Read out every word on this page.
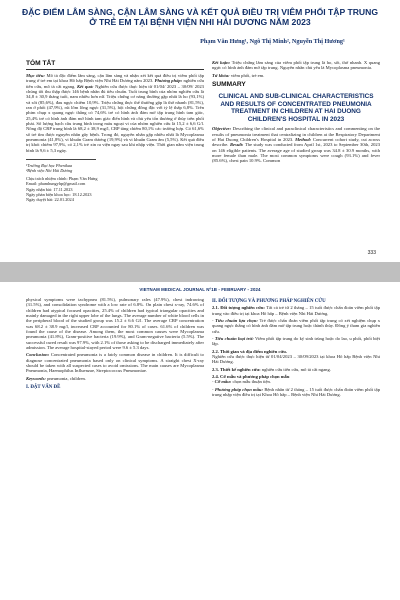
ĐẶC ĐIỂM LÂM SÀNG, CẬN LÂM SÀNG VÀ KẾT QUẢ ĐIỀU TRỊ VIÊM PHỔI TẬP TRUNG Ở TRẺ EM TẠI BỆNH VIỆN NHI HẢI DƯƠNG NĂM 2023
Phạm Văn Hưng¹, Ngô Thị Minh², Nguyễn Thị Hương¹
TÓM TẮT
Mục tiêu: Mô tả đặc điểm lâm sàng, cận lâm sàng và nhận xét kết quả điều trị viêm phổi tập trung ở trẻ em tại khoa Hô hấp Bệnh viện Nhi Hải Dương năm 2023. Phương pháp: nghiên cứu tiến cứu, mô tả cắt ngang. Kết quả: Nghiên cứu được thực hiện từ 01/04/ 2023 – 30/09/ 2023 chúng tôi thu thập được 146 bệnh nhân đủ tiêu chuẩn. Tuổi trung bình của nhóm nghiên cứu là 34,8 ± 30,9 tháng tuổi, nam nhiều hơn nữ. Triệu chứng cơ năng thường gặp nhất là ho (93,1%) và sốt (85,6%), đau ngực chiếm 10,9%. Triệu chứng thực thể thường gặp là thở nhanh (81,5%), ran ở phổi (47,9%), rút lõm lồng ngực (31,5%), hội chứng đông đặc với tỷ lệ thấp 6,8%. Trên phim chụp x quang ngực thẳng có 74,6% trẻ có hình ảnh đám mờ tập trung hình tam giác, 25,4% trẻ có hình ảnh đám mờ hình tam giác điển hình và chủ yếu tổn thương ở thùy trên phổi phải. Số lượng bạch cầu trung bình trong máu ngoại vi của nhóm nghiên cứu là 15,2 ± 6,6 G/l. Nồng độ CRP trung bình là 68,2 ± 38,9 mg/l, CRP tăng chiếm 80,1% các trường hợp. Có 61,6% số trẻ tìm được nguyên nhân gây bệnh. Trong đó, nguyên nhân gặp nhiều nhất là Mycoplasma pneumonia (41,8%), vi khuẩn Gram dương (19,9%) và vi khuẩn Gram âm (5,5%). Kết quả điều trị khỏi chiếm 97,9%, có 2,1% trẻ xin ra viện ngay sau khi nhập viện. Thời gian nằm viện trung bình là 9,6 ± 5,3 ngày.
¹Trường Đại học Phenikaa
²Bệnh viện Nhi Hải Dương
Chịu trách nhiệm chính: Phạm Văn Hưng
Email: phamhungyhp@gmail.com
Ngày nhận bài: 17.11.2023
Ngày phản biện khoa học: 18.12.2023
Ngày duyệt bài: 22.01.2024
Kết luận: Triệu chứng lâm sàng của viêm phổi tập trung là ho, sốt, thở nhanh. X quang ngực có hình ảnh đám mờ tập trung. Nguyên nhân chủ yếu là Mycoplasma pneumonia.
Từ khóa: viêm phổi, trẻ em.
SUMMARY
CLINICAL AND SUB-CLINICAL CHARACTERISTICS AND RESULTS OF CONCENTRATED PNEUMONIA TREATMENT IN CHILDREN AT HAI DUONG CHILDREN'S HOSPITAL IN 2023
Objective: Describing the clinical and paraclinical characteristics and commenting on the results of pneumonia treatment that centralizing in children at the Respiratory Department of Hai Duong Children's Hospital in 2023. Method: Concurrent cohort study, cut across describe. Result: The study was conducted from April 1st, 2023 to September 30th, 2023 on 146 eligible patients. The average age of studied group was 34.8 ± 30.9 months, with more female than male. The most common symptoms were cough (93.1%) and fever (85.6%), chest pain 10.9%. Common
333
VIETNAM MEDICAL JOURNAL Nº1B - FEBRUARY - 2024
physical symptoms were tachypnea (81.5%), pulmonary rales (47.9%), chest indrawing (31.5%), and consolidation syndrome with a low rate of 6.8%. On plain chest x-ray, 74.6% of children had atypical focused opacities, 25.4% of children had typical triangular opacities and mainly damaged in the right upper lobe of the lungs. The average number of white blood cells in the peripheral blood of the studied group was 15.2 ± 6.6 G/l. The average CRP concentration was 68.2 ± 38.9 mg/l, increased CRP accounted for 80.1% of cases. 61.6% of children was found the cause of the disease. Among them, the most common causes were Mycoplasma pneumonia (41.8%), Gram-positive bacteria (19.9%), and Gram-negative bacteria (5.5%). The successful cured result was 97.9%, with 2.1% of those asking to be discharged immediately after admission. The average hospital-stayed period were 9.6 ± 5.3 days.
Conclusion: Concentrated pneumonia is a fairly common disease in children. It is difficult to diagnose concentrated pneumonia based only on clinical symptoms. A straight chest X-ray should be taken with all suspected cases to avoid omissions. The main causes are Mycoplasma Pneumonia, Haemophilus Influenzae, Streptococcus Pneumoniae.
Keywords: pneumonia, children.
I. ĐẶT VẤN ĐỀ
II. ĐỐI TƯỢNG VÀ PHƯƠNG PHÁP NGHIÊN CỨU
2.1. Đối tượng nghiên cứu: Tất cả trẻ từ 2 tháng – 15 tuổi được chẩn đoán viêm phổi tập trung vào điều trị tại khoa Hô hấp – Bệnh viện Nhi Hải Dương.
- Tiêu chuẩn lựa chọn: Trẻ được chẩn đoán viêm phổi tập trung có xét nghiệm chụp x quang ngực thẳng có hình ảnh đám mờ tập trung hoặc thành thùy. Đồng ý tham gia nghiên cứu.
- Tiêu chuẩn loại trừ: Viêm phổi tập trung do ký sinh trùng hoặc do lao, u phổi, phổi biệt lập.
2.2. Thời gian và địa điểm nghiên cứu.
Nghiên cứu được thực hiện từ 01/04/2023 – 30/09/2023 tại khoa Hô hấp Bệnh viện Nhi Hải Dương.
2.3. Thiết kế nghiên cứu: nghiên cứu tiến cứu, mô tả cắt ngang.
2.4. Cỡ mẫu và phương pháp chọn mẫu
- Cỡ mẫu: chọn mẫu thuận tiện.
- Phương pháp chọn mẫu: Bệnh nhân từ 2 tháng – 15 tuổi được chẩn đoán viêm phổi tập trung nhập viện điều trị tại Khoa Hô hấp – Bệnh viện Nhi Hải Dương.
